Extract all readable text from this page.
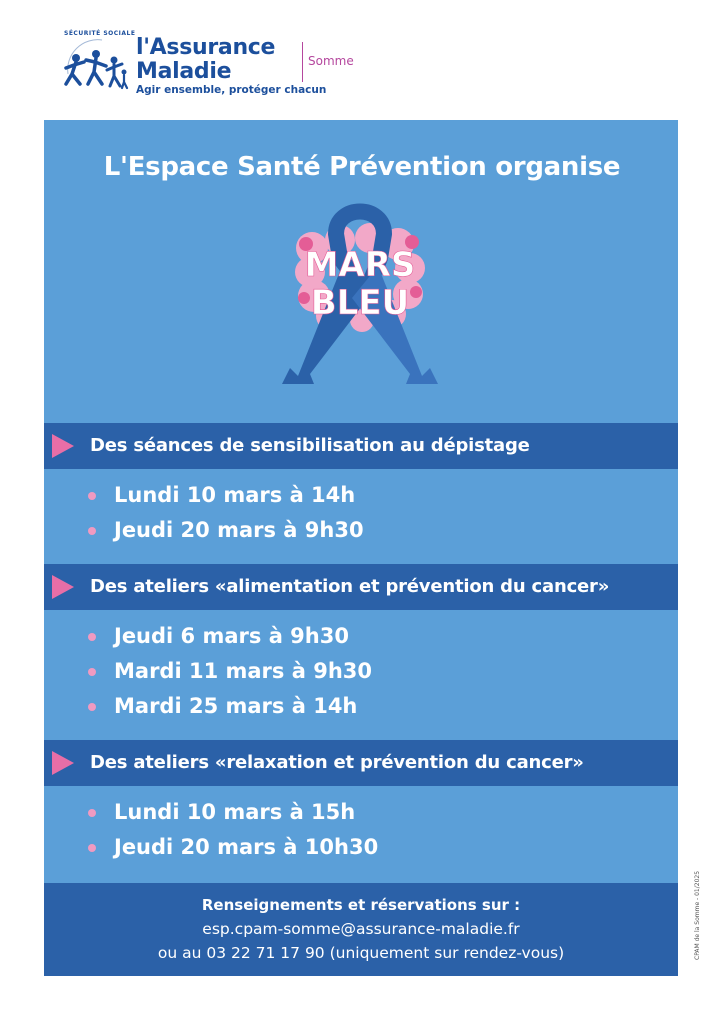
SÉCURITÉ SOCIALE
l'Assurance
Maladie
Agir ensemble, protéger chacun
Somme
L'Espace Santé Prévention organise
MARS
BLEU
Des séances de sensibilisation au dépistage
Lundi 10 mars à 14h
Jeudi 20 mars à 9h30
Des ateliers «alimentation et prévention du cancer»
Jeudi 6 mars à 9h30
Mardi 11 mars à 9h30
Mardi 25 mars à 14h
Des ateliers «relaxation et prévention du cancer»
Lundi 10 mars à 15h
Jeudi 20 mars à 10h30
Renseignements et réservations sur :
esp.cpam-somme@assurance-maladie.fr
ou au 03 22 71 17 90 (uniquement sur rendez-vous)	CPAM de la Somme - 01/2025
